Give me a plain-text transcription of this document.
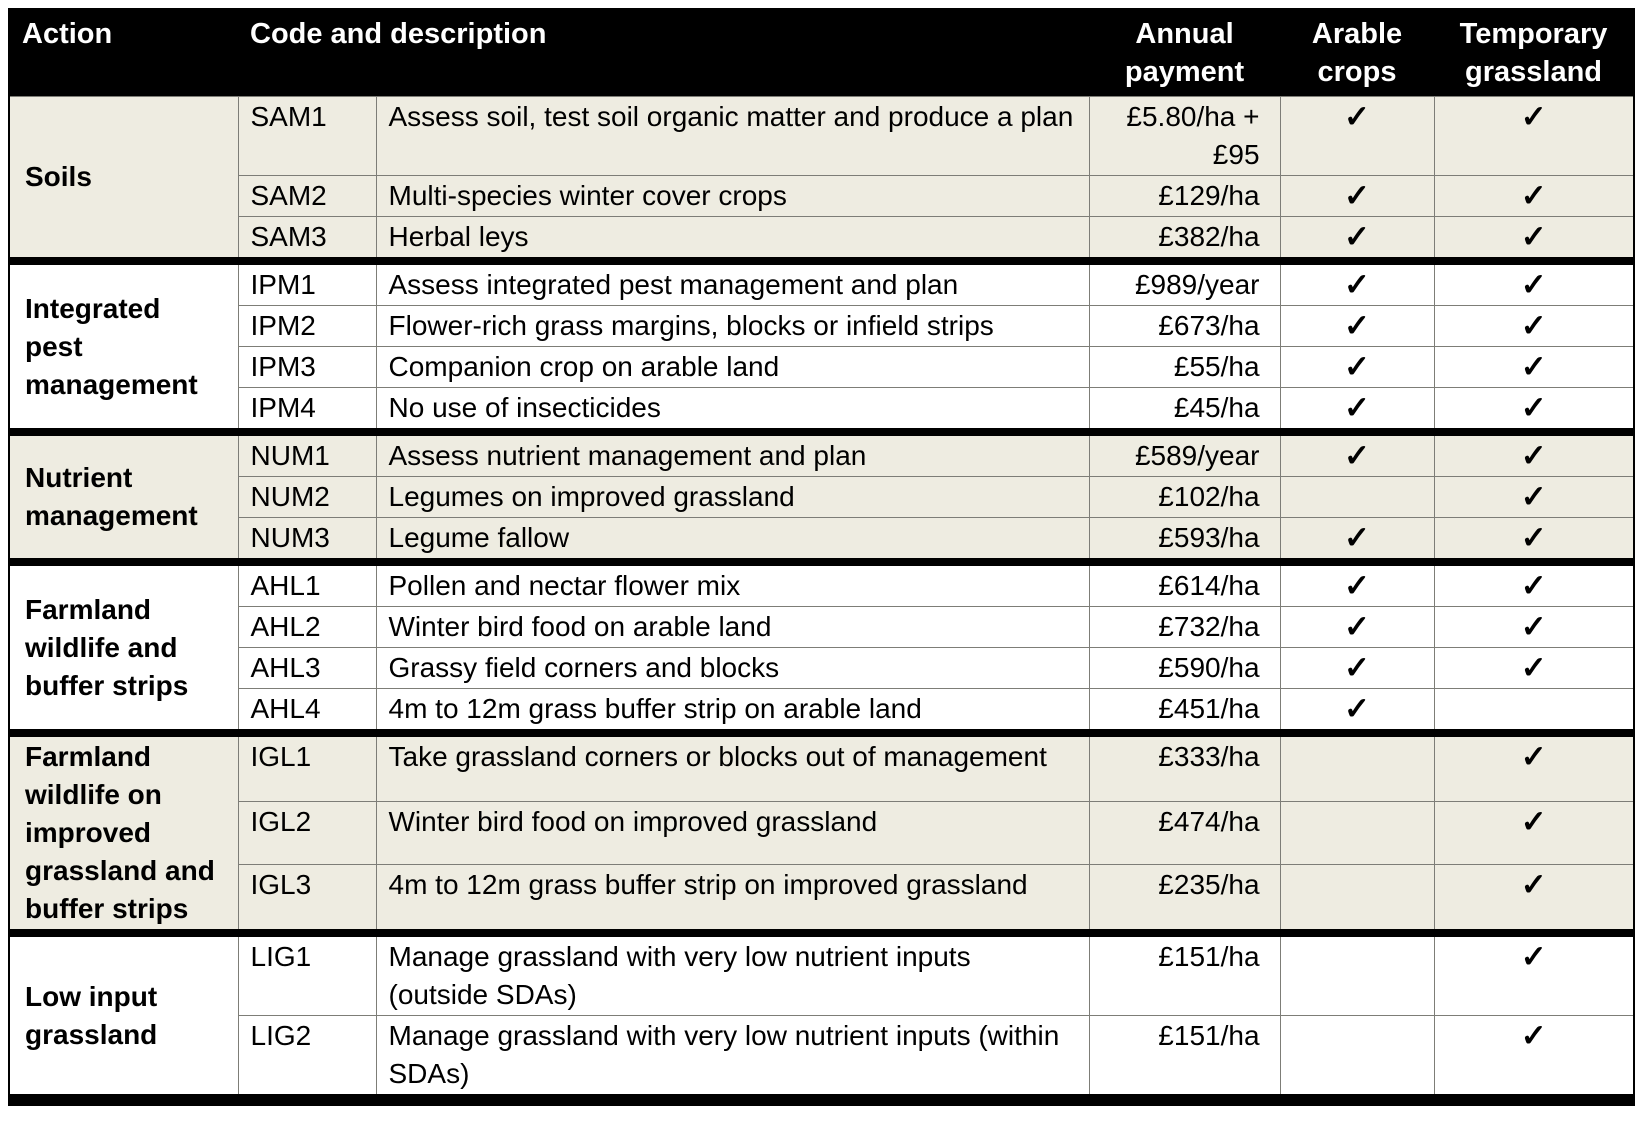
Action	Code and description		Annual payment	Arable crops	Temporary grassland
Soils	SAM1	Assess soil, test soil organic matter and produce a plan	£5.80/ha + £95	✓	✓
	SAM2	Multi-species winter cover crops	£129/ha	✓	✓
	SAM3	Herbal leys	£382/ha	✓	✓
Integrated pest management	IPM1	Assess integrated pest management and plan	£989/year	✓	✓
	IPM2	Flower-rich grass margins, blocks or infield strips	£673/ha	✓	✓
	IPM3	Companion crop on arable land	£55/ha	✓	✓
	IPM4	No use of insecticides	£45/ha	✓	✓
Nutrient management	NUM1	Assess nutrient management and plan	£589/year	✓	✓
	NUM2	Legumes on improved grassland	£102/ha		✓
	NUM3	Legume fallow	£593/ha	✓	✓
Farmland wildlife and buffer strips	AHL1	Pollen and nectar flower mix	£614/ha	✓	✓
	AHL2	Winter bird food on arable land	£732/ha	✓	✓
	AHL3	Grassy field corners and blocks	£590/ha	✓	✓
	AHL4	4m to 12m grass buffer strip on arable land	£451/ha	✓	
Farmland wildlife on improved grassland and buffer strips	IGL1	Take grassland corners or blocks out of management	£333/ha		✓
	IGL2	Winter bird food on improved grassland	£474/ha		✓
	IGL3	4m to 12m grass buffer strip on improved grassland	£235/ha		✓
Low input grassland	LIG1	Manage grassland with very low nutrient inputs (outside SDAs)	£151/ha		✓
	LIG2	Manage grassland with very low nutrient inputs (within SDAs)	£151/ha		✓
